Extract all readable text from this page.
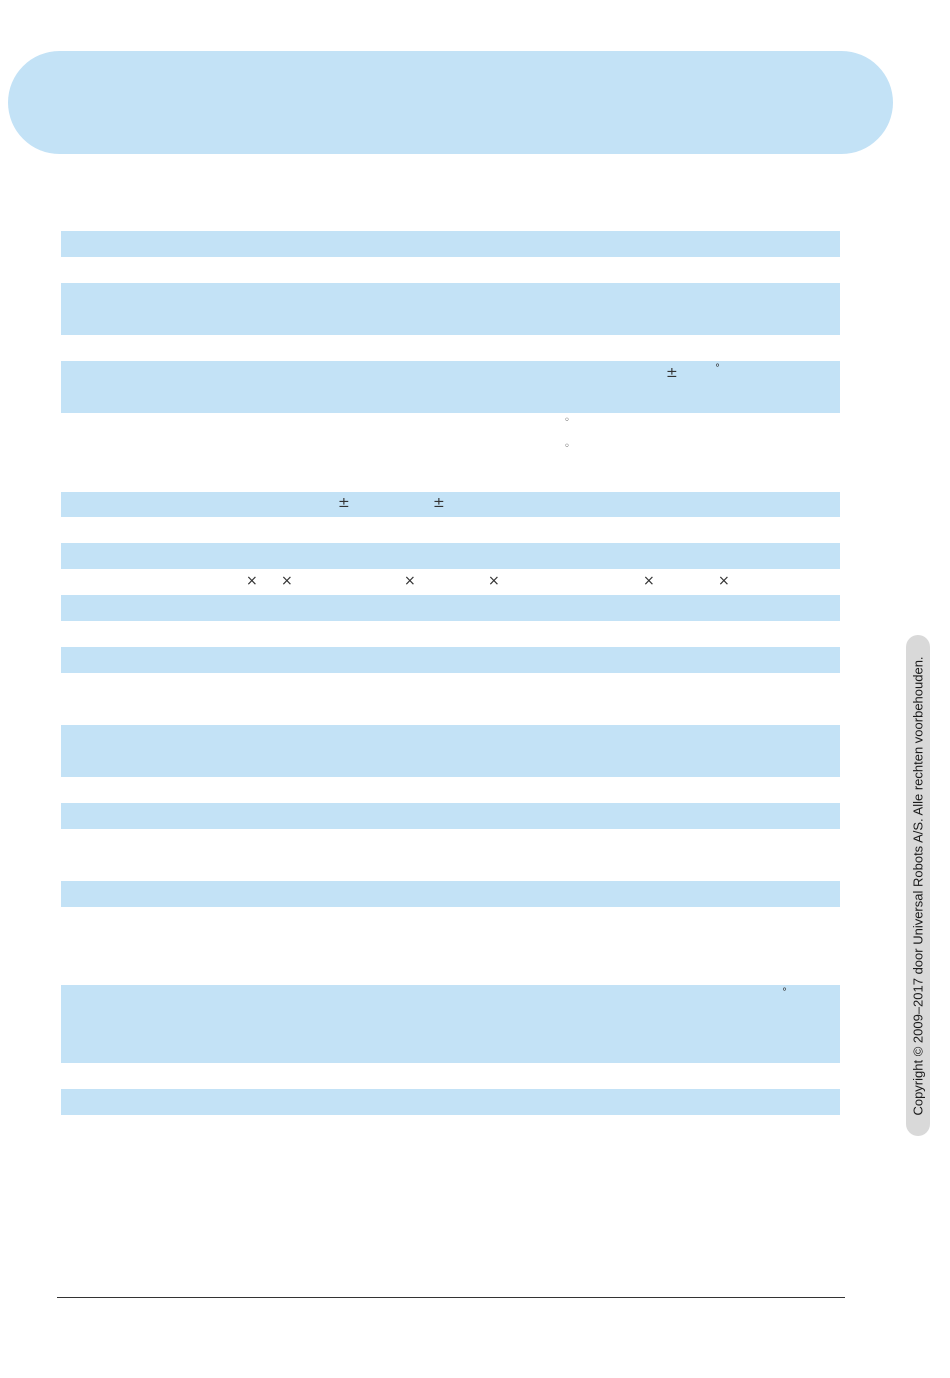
±	°
◦
◦
±	±
× ×	×	×	×	×
°	Copyright © 2009–2017 door Universal Robots A/S. Alle rechten voorbehouden.
